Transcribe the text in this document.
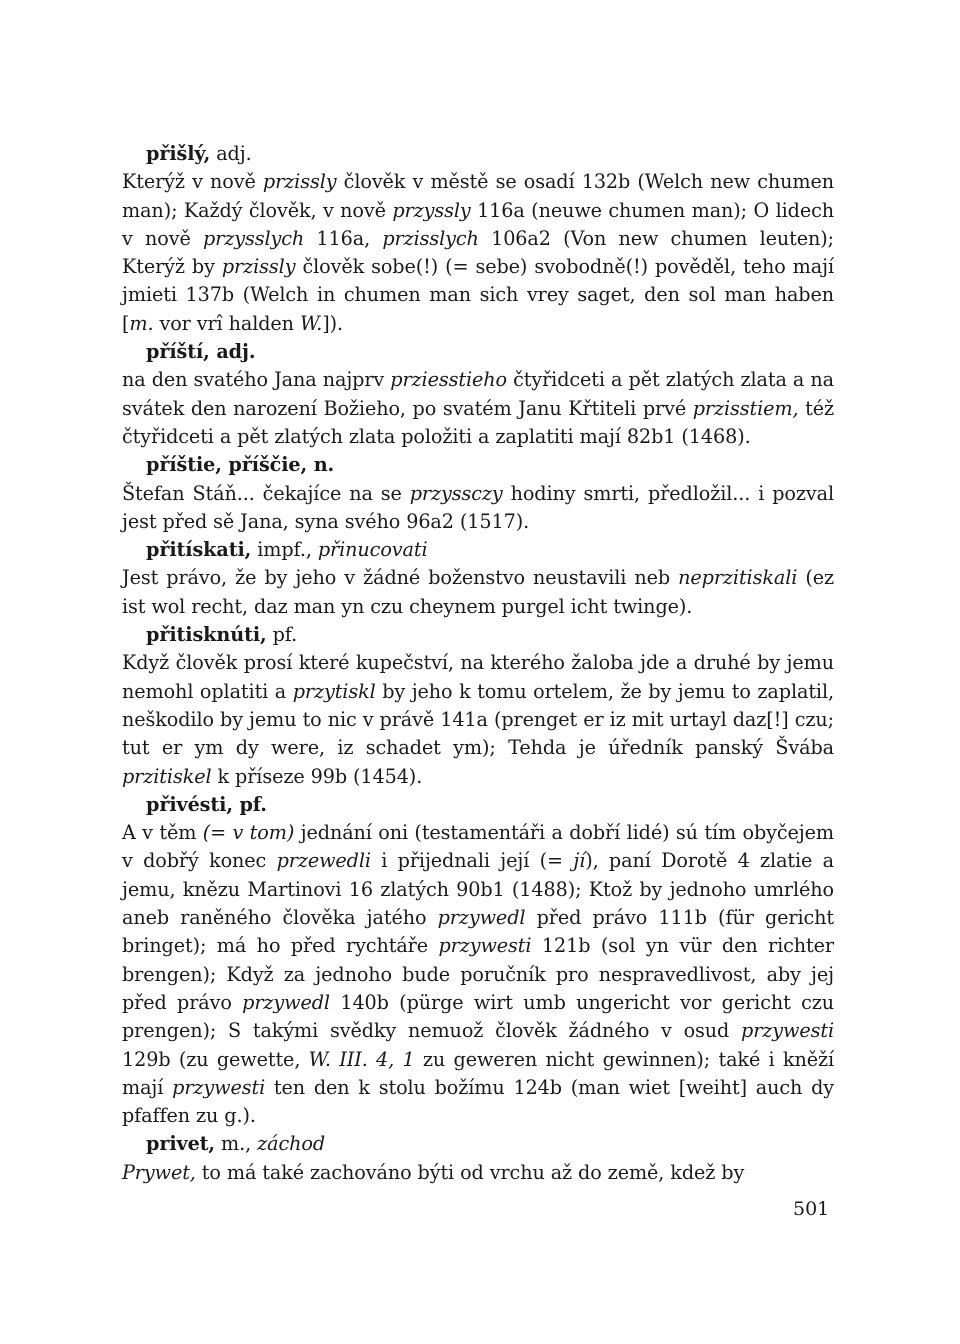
přišlý, adj.

Kterýž v nově przissly člověk v městě se osadí 132b (Welch new chumen man); Každý člověk, v nově przyssly 116a (neuwe chumen man); O lidech v nově przysslych 116a, przisslych 106a2 (Von new chumen leuten); Kterýž by przissly člověk sobe(!) (= sebe) svobodně(!) pověděl, teho mají jmieti 137b (Welch in chumen man sich vrey saget, den sol man haben [m. vor vrî halden W.]).

příští, adj.

na den svatého Jana najprv prziesstieho čtyřidceti a pět zlatých zlata a na svátek den narození Božieho, po svatém Janu Křtiteli prvé przisstiem, též čtyřidceti a pět zlatých zlata položiti a zaplatiti mají 82b1 (1468).

příštie, příščie, n.

Štefan Stáň... čekajíce na se przyssczy hodiny smrti, předložil... i pozval jest před sě Jana, syna svého 96a2 (1517).

přitískati, impf., přinucovati

Jest právo, že by jeho v žádné boženstvo neustavili neb neprzitiskali (ez ist wol recht, daz man yn czu cheynem purgel icht twinge).

přitisknúti, pf.

Když člověk prosí které kupečství, na kterého žaloba jde a druhé by jemu nemohl oplatiti a przytiskl by jeho k tomu ortelem, že by jemu to zaplatil, neškodilo by jemu to nic v právě 141a (prenget er iz mit urtayl daz[!] czu; tut er ym dy were, iz schadet ym); Tehda je úředník panský Švába przitiskel k příseze 99b (1454).

přivésti, pf.

A v těm (= v tom) jednání oni (testamentáři a dobří lidé) sú tím obyčejem v dobřý konec przewedli i přijednali její (= jí), paní Dorotě 4 zlatie a jemu, knězu Martinovi 16 zlatých 90b1 (1488); Ktož by jednoho umrlého aneb raněného člověka jatého przywedl před právo 111b (für gericht bringet); má ho před rychtáře przywesti 121b (sol yn vür den richter brengen); Když za jednoho bude poručník pro nespravedlivost, aby jej před právo przywedl 140b (pürge wirt umb ungericht vor gericht czu prengen); S takými svědky nemuož člověk žádného v osud przywesti 129b (zu gewette, W. III. 4, 1 zu geweren nicht gewinnen); také i kněží mají przywesti ten den k stolu božímu 124b (man wiet [weiht] auch dy pfaffen zu g.).

privet, m., záchod

Prywet, to má také zachováno býti od vrchu až do země, kdež by

501
